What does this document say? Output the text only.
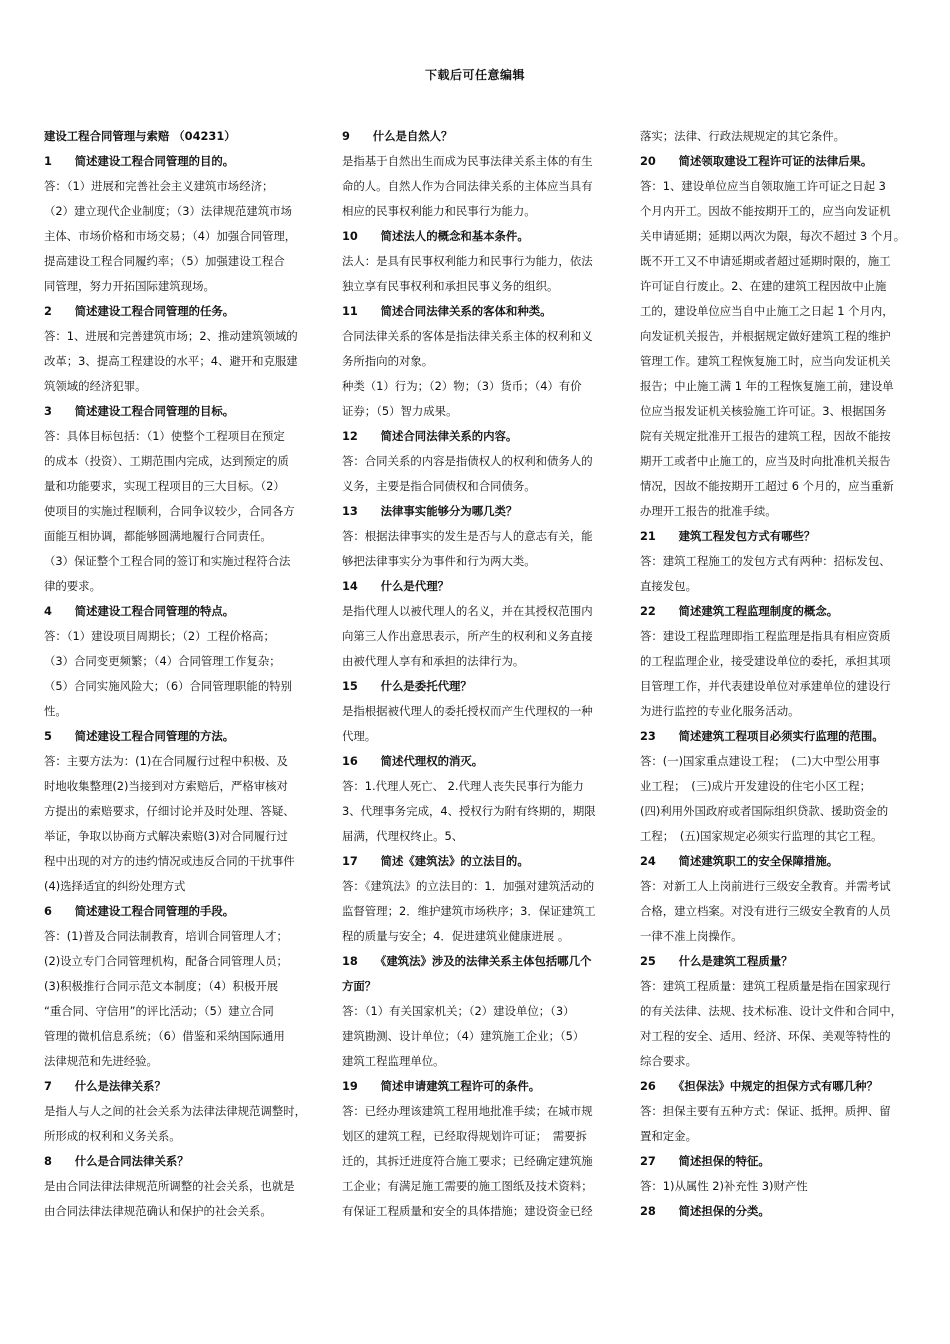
下载后可任意编辑
建设工程合同管理与索赔 （04231）
1　　简述建设工程合同管理的目的。
答：（1）进展和完善社会主义建筑市场经济；
（2）建立现代企业制度；（3）法律规范建筑市场
主体、市场价格和市场交易；（4）加强合同管理，
提高建设工程合同履约率；（5）加强建设工程合
同管理，努力开拓国际建筑现场。
2　　简述建设工程合同管理的任务。
答：1、进展和完善建筑市场；2、推动建筑领域的
改革；3、提高工程建设的水平；4、避开和克服建
筑领域的经济犯罪。
3　　简述建设工程合同管理的目标。
答：具体目标包括：（1）使整个工程项目在预定
的成本（投资）、工期范围内完成，达到预定的质
量和功能要求，实现工程项目的三大目标。（2）
使项目的实施过程顺利，合同争议较少，合同各方
面能互相协调，都能够圆满地履行合同责任。
（3）保证整个工程合同的签订和实施过程符合法
律的要求。
4　　简述建设工程合同管理的特点。
答：（1）建设项目周期长；（2）工程价格高；
（3）合同变更频繁；（4）合同管理工作复杂；
（5）合同实施风险大；（6）合同管理职能的特别
性。
5　　简述建设工程合同管理的方法。
答：主要方法为：(1)在合同履行过程中积极、及
时地收集整理(2)当接到对方索赔后，严格审核对
方提出的索赔要求，仔细讨论并及时处理、答疑、
举证，争取以协商方式解决索赔(3)对合同履行过
程中出现的对方的违约情况或违反合同的干扰事件
(4)选择适宜的纠纷处理方式
6　　简述建设工程合同管理的手段。
答：(1)普及合同法制教育，培训合同管理人才；
(2)设立专门合同管理机构，配备合同管理人员；
(3)积极推行合同示范文本制度；（4）积极开展
“重合同、守信用”的评比活动；（5）建立合同
管理的微机信息系统；（6）借鉴和采纳国际通用
法律规范和先进经验。
7　　什么是法律关系？
是指人与人之间的社会关系为法律法律规范调整时，
所形成的权利和义务关系。
8　　什么是合同法律关系？
是由合同法律法律规范所调整的社会关系，也就是
由合同法律法律规范确认和保护的社会关系。
9　　什么是自然人？
是指基于自然出生而成为民事法律关系主体的有生
命的人。自然人作为合同法律关系的主体应当具有
相应的民事权利能力和民事行为能力。
10　　简述法人的概念和基本条件。
法人：是具有民事权利能力和民事行为能力，依法
独立享有民事权利和承担民事义务的组织。
11　　简述合同法律关系的客体和种类。
合同法律关系的客体是指法律关系主体的权利和义
务所指向的对象。
种类（1）行为；（2）物；（3）货币；（4）有价
证券；（5）智力成果。
12　　简述合同法律关系的内容。
答：合同关系的内容是指债权人的权利和债务人的
义务，主要是指合同债权和合同债务。
13　　法律事实能够分为哪几类？
答：根据法律事实的发生是否与人的意志有关，能
够把法律事实分为事件和行为两大类。
14　　什么是代理？
是指代理人以被代理人的名义，并在其授权范围内
向第三人作出意思表示，所产生的权利和义务直接
由被代理人享有和承担的法律行为。
15　　什么是委托代理？
是指根据被代理人的委托授权而产生代理权的一种
代理。
16　　简述代理权的消灭。
答：1.代理人死亡、 2.代理人丧失民事行为能力
3、代理事务完成，4、授权行为附有终期的，期限
届满，代理权终止。5、
17　　简述《建筑法》的立法目的。
答：《建筑法》的立法目的：1．加强对建筑活动的
监督管理；2．维护建筑市场秩序；3．保证建筑工
程的质量与安全；4．促进建筑业健康进展 。
18　　《建筑法》涉及的法律关系主体包括哪几个
方面？
答：（1）有关国家机关；（2）建设单位；（3）
建筑勘测、设计单位；（4）建筑施工企业；（5）
建筑工程监理单位。
19　　简述申请建筑工程许可的条件。
答：已经办理该建筑工程用地批准手续；在城市规
划区的建筑工程，已经取得规划许可证；　需要拆
迁的，其拆迁进度符合施工要求；已经确定建筑施
工企业；有满足施工需要的施工图纸及技术资料；
有保证工程质量和安全的具体措施；建设资金已经
落实；法律、行政法规规定的其它条件。
20　　简述领取建设工程许可证的法律后果。
答：1、建设单位应当自领取施工许可证之日起 3
个月内开工。因故不能按期开工的，应当向发证机
关申请延期；延期以两次为限，每次不超过 3 个月。
既不开工又不申请延期或者超过延期时限的，施工
许可证自行废止。2、在建的建筑工程因故中止施
工的，建设单位应当自中止施工之日起 1 个月内，
向发证机关报告，并根据规定做好建筑工程的维护
管理工作。建筑工程恢复施工时，应当向发证机关
报告；中止施工满 1 年的工程恢复施工前，建设单
位应当报发证机关核验施工许可证。3、根据国务
院有关规定批准开工报告的建筑工程，因故不能按
期开工或者中止施工的，应当及时向批准机关报告
情况，因故不能按期开工超过 6 个月的，应当重新
办理开工报告的批准手续。
21　　建筑工程发包方式有哪些？
答：建筑工程施工的发包方式有两种：招标发包、
直接发包。
22　　简述建筑工程监理制度的概念。
答：建设工程监理即指工程监理是指具有相应资质
的工程监理企业，接受建设单位的委托，承担其项
目管理工作，并代表建设单位对承建单位的建设行
为进行监控的专业化服务活动。
23　　简述建筑工程项目必须实行监理的范围。
答：(一)国家重点建设工程；　(二)大中型公用事
业工程；　(三)成片开发建设的住宅小区工程；
(四)利用外国政府或者国际组织贷款、援助资金的
工程；　(五)国家规定必须实行监理的其它工程。
24　　简述建筑职工的安全保障措施。
答：对新工人上岗前进行三级安全教育。并需考试
合格，建立档案。对没有进行三级安全教育的人员
一律不准上岗操作。
25　　什么是建筑工程质量？
答：建筑工程质量：建筑工程质量是指在国家现行
的有关法律、法规、技术标准、设计文件和合同中，
对工程的安全、适用、经济、环保、美观等特性的
综合要求。
26　　《担保法》中规定的担保方式有哪几种？
答：担保主要有五种方式：保证、抵押。质押、留
置和定金。
27　　简述担保的特征。
答：1)从属性 2)补充性 3)财产性
28　　简述担保的分类。
